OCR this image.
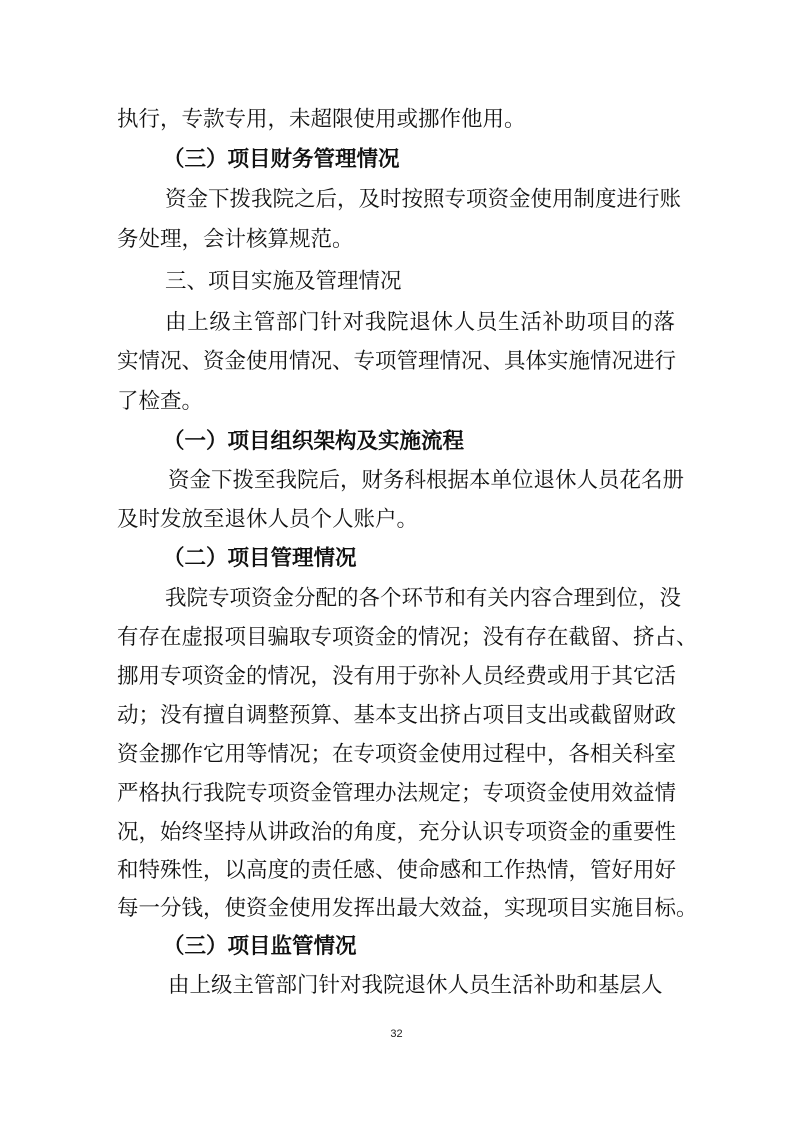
执行，专款专用，未超限使用或挪作他用。
（三）项目财务管理情况
资金下拨我院之后，及时按照专项资金使用制度进行账
务处理，会计核算规范。
三、项目实施及管理情况
由上级主管部门针对我院退休人员生活补助项目的落
实情况、资金使用情况、专项管理情况、具体实施情况进行
了检查。
（一）项目组织架构及实施流程
资金下拨至我院后，财务科根据本单位退休人员花名册
及时发放至退休人员个人账户。
（二）项目管理情况
我院专项资金分配的各个环节和有关内容合理到位，没
有存在虚报项目骗取专项资金的情况；没有存在截留、挤占、
挪用专项资金的情况，没有用于弥补人员经费或用于其它活
动；没有擅自调整预算、基本支出挤占项目支出或截留财政
资金挪作它用等情况；在专项资金使用过程中，各相关科室
严格执行我院专项资金管理办法规定；专项资金使用效益情
况，始终坚持从讲政治的角度，充分认识专项资金的重要性
和特殊性，以高度的责任感、使命感和工作热情，管好用好
每一分钱，使资金使用发挥出最大效益，实现项目实施目标。
（三）项目监管情况
由上级主管部门针对我院退休人员生活补助和基层人
32
